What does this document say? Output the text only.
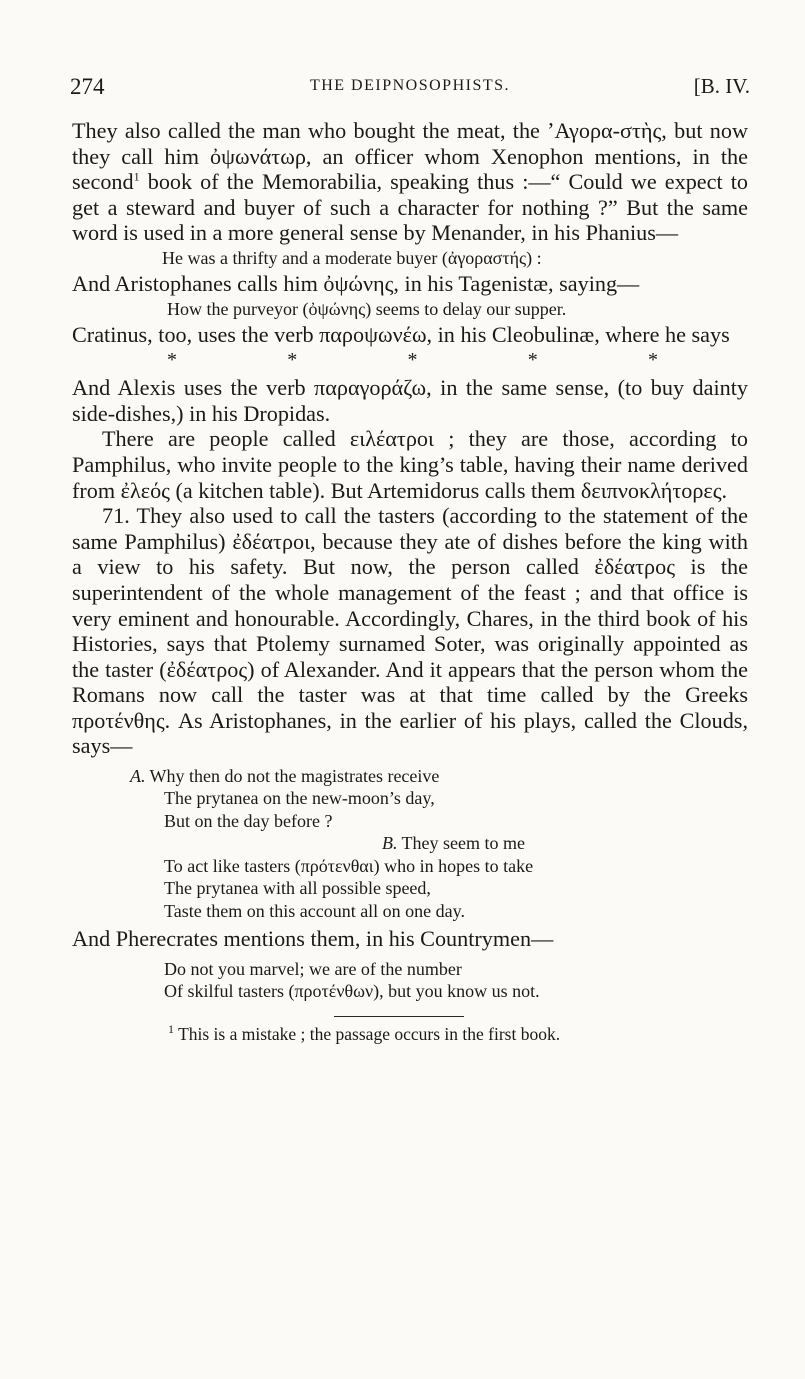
274	THE DEIPNOSOPHISTS.	[B. IV.

They also called the man who bought the meat, the ʼΑγορα-στὴς, but now they call him ὀψωνάτωρ, an officer whom Xenophon mentions, in the second$^1$ book of the Memorabilia, speaking thus :—“ Could we expect to get a steward and buyer of such a character for nothing ?” But the same word is used in a more general sense by Menander, in his Phanius—

He was a thrifty and a moderate buyer (ἀγοραστής) :

And Aristophanes calls him ὀψώνης, in his Tagenistæ, saying—

How the purveyor (ὀψώνης) seems to delay our supper.

Cratinus, too, uses the verb παροψωνέω, in his Cleobulinæ, where he says

*	*	*	*	*

And Alexis uses the verb παραγοράζω, in the same sense, (to buy dainty side-dishes,) in his Dropidas.

There are people called ειλέατροι ; they are those, according to Pamphilus, who invite people to the king’s table, having their name derived from ἐλεός (a kitchen table). But Artemidorus calls them δειπνοκλήτορες.

71. They also used to call the tasters (according to the statement of the same Pamphilus) ἐδέατροι, because they ate of dishes before the king with a view to his safety. But now, the person called ἐδέατρος is the superintendent of the whole management of the feast ; and that office is very eminent and honourable. Accordingly, Chares, in the third book of his Histories, says that Ptolemy surnamed Soter, was originally appointed as the taster (ἐδέατρος) of Alexander. And it appears that the person whom the Romans now call the taster was at that time called by the Greeks προτένθης. As Aristophanes, in the earlier of his plays, called the Clouds, says—

A. Why then do not the magistrates receive
The prytanea on the new-moon’s day,
But on the day before ?
B. They seem to me
To act like tasters (πρότενθαι) who in hopes to take
The prytanea with all possible speed,
Taste them on this account all on one day.

And Pherecrates mentions them, in his Countrymen—

Do not you marvel; we are of the number
Of skilful tasters (προτένθων), but you know us not.
$^1$ This is a mistake ; the passage occurs in the first book.
